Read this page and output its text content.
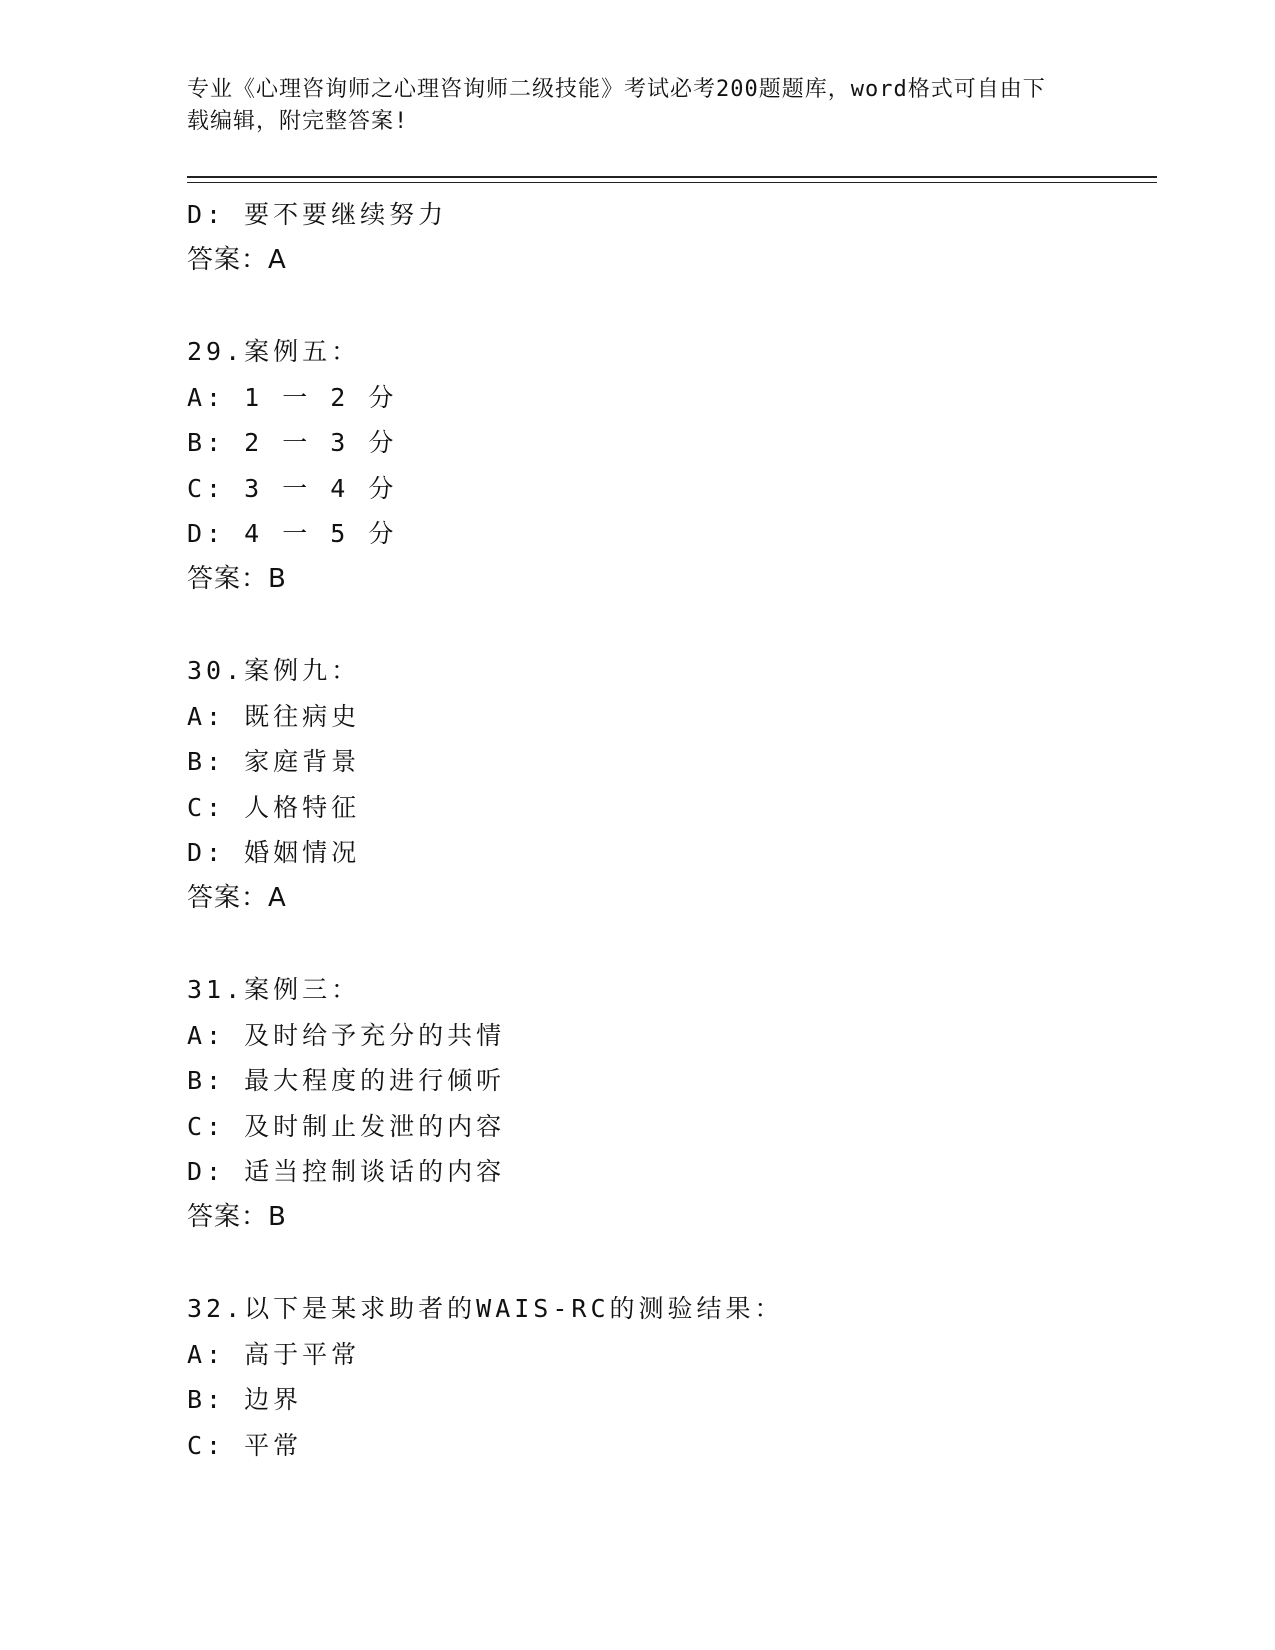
专业《心理咨询师之心理咨询师二级技能》考试必考200题题库，word格式可自由下载编辑，附完整答案!
D: 要不要继续努力
答案：A
29.案例五：
A: 1 一 2 分
B: 2 一 3 分
C: 3 一 4 分
D: 4 一 5 分
答案：B
30.案例九：
A: 既往病史
B: 家庭背景
C: 人格特征
D: 婚姻情况
答案：A
31.案例三：
A: 及时给予充分的共情
B: 最大程度的进行倾听
C: 及时制止发泄的内容
D: 适当控制谈话的内容
答案：B
32.以下是某求助者的WAIS-RC的测验结果：
A: 高于平常
B: 边界
C: 平常
